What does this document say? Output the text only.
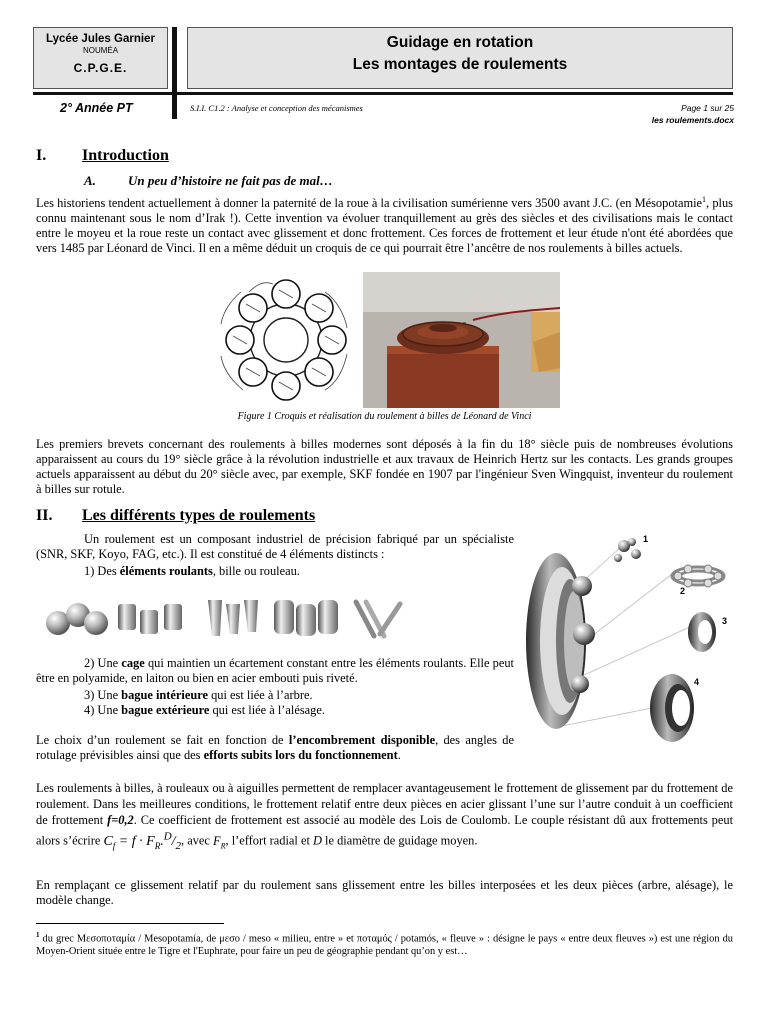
Lycée Jules Garnier
NOUMÉA
C.P.G.E.
Guidage en rotation
Les montages de roulements
2° Année PT	S.I.I. C1.2 : Analyse et conception des mécanismes	Page 1 sur 25
les roulements.docx
I. Introduction
A. Un peu d’histoire ne fait pas de mal…
Les historiens tendent actuellement à donner la paternité de la roue à la civilisation sumérienne vers 3500 avant J.C. (en Mésopotamie$^1$, plus connu maintenant sous le nom d’Irak !). Cette invention va évoluer tranquillement au grès des siècles et des civilisations mais le contact entre le moyeu et la roue reste un contact avec glissement et donc frottement. Ces forces de frottement et leur étude n'ont été abordées que vers 1485 par Léonard de Vinci. Il en a même déduit un croquis de ce qui pourrait être l’ancêtre de nos roulements à billes actuels.
Figure 1 Croquis et réalisation du roulement à billes de Léonard de Vinci
Les premiers brevets concernant des roulements à billes modernes sont déposés à la fin du 18° siècle puis de nombreuses évolutions apparaissent au cours du 19° siècle grâce à la révolution industrielle et aux travaux de Heinrich Hertz sur les contacts. Les grands groupes actuels apparaissent au début du 20° siècle avec, par exemple, SKF fondée en 1907 par l'ingénieur Sven Wingquist, inventeur du roulement à billes sur rotule.
II. Les différents types de roulements
Un roulement est un composant industriel de précision fabriqué par un spécialiste (SNR, SKF, Koyo, FAG, etc.). Il est constitué de 4 éléments distincts :
1) Des éléments roulants, bille ou rouleau.
2) Une cage qui maintien un écartement constant entre les éléments roulants. Elle peut être en polyamide, en laiton ou bien en acier embouti puis riveté.
3) Une bague intérieure qui est liée à l’arbre.
4) Une bague extérieure qui est liée à l’alésage.
Le choix d’un roulement se fait en fonction de l’encombrement disponible, des angles de rotulage prévisibles ainsi que des efforts subits lors du fonctionnement.
1
2
3
4
Les roulements à billes, à rouleaux ou à aiguilles permettent de remplacer avantageusement le frottement de glissement par du frottement de roulement. Dans les meilleures conditions, le frottement relatif entre deux pièces en acier glissant l’une sur l’autre conduit à un coefficient de frottement f=0,2. Ce coefficient de frottement est associé au modèle des Lois de Coulomb. Le couple résistant dû aux frottements peut alors s’écrire $C_f = f \cdot F_R.^D/_2$, avec $F_R$, l’effort radial et D le diamètre de guidage moyen.
En remplaçant ce glissement relatif par du roulement sans glissement entre les billes interposées et les deux pièces (arbre, alésage), le modèle change.
$^1$ du grec Μεσοποταμία / Mesopotamía, de μεσο / meso « milieu, entre » et ποταμός / potamós, « fleuve » : désigne le pays « entre deux fleuves ») est une région du Moyen-Orient située entre le Tigre et l'Euphrate, pour faire un peu de géographie pendant qu’on y est…
